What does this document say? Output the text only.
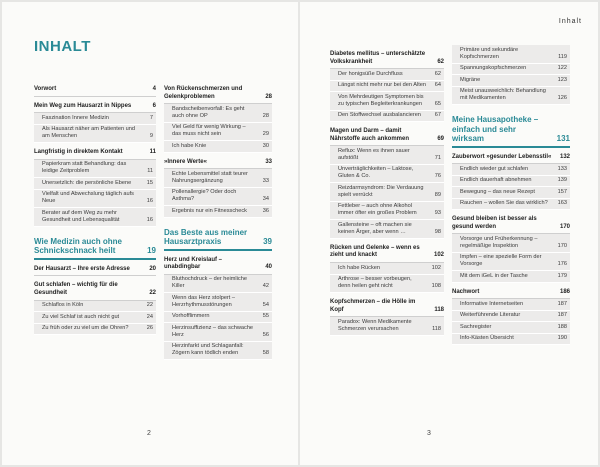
INHALT
Vorwort	4
Mein Weg zum Hausarzt in Nippes	6
Faszination Innere Medizin	7
Als Hausarzt näher am Patienten und am Menschen	9
Langfristig in direktem Kontakt	11
Papierkram statt Behandlung: das leidige Zeitproblem	11
Unersetzlich: die persönliche Ebene	15
Vielfalt und Abwechslung täglich aufs Neue	16
Berater auf dem Weg zu mehr Gesundheit und Lebensqualität	16
Wie Medizin auch ohne Schnickschnack heilt	19
Der Hausarzt – Ihre erste Adresse	20
Gut schlafen – wichtig für die Gesundheit	22
Schlaflos in Köln	22
Zu viel Schlaf ist auch nicht gut	24
Zu früh oder zu viel um die Ohren?	26
Von Rückenschmerzen und Gelenkproblemen	28
Bandscheibenvorfall: Es geht auch ohne OP	28
Viel Geld für wenig Wirkung – das muss nicht sein	29
Ich habe Knie	30
»Innere Werte«	33
Echte Lebensmittel statt teurer Nahrungsergänzung	33
Pollenallergie? Oder doch Asthma?	34
Ergebnis nur ein Fitnesscheck	36
Das Beste aus meiner Hausarztpraxis	39
Herz und Kreislauf – unabdingbar	40
Bluthochdruck – der heimliche Killer	42
Wenn das Herz stolpert – Herzrhythmusstörungen	54
Vorhofflimmern	55
Herzinsuffizienz – das schwache Herz	56
Herzinfarkt und Schlaganfall: Zögern kann tödlich enden	58
2
Inhalt
Diabetes mellitus – unterschätzte Volkskrankheit	62
Der honigsüße Durchfluss	62
Längst nicht mehr nur bei den Alten	64
Von Mehrdeutigen Symptomen bis zu typischen Begleiterkrankungen	65
Den Stoffwechsel ausbalancieren	67
Magen und Darm – damit Nährstoffe auch ankommen	69
Reflux: Wenn es ihnen sauer aufstößt	71
Unverträglichkeiten – Laktose, Gluten & Co.	76
Reizdarmsyndrom: Die Verdauung spielt verrückt	89
Fettleber – auch ohne Alkohol immer öfter ein großes Problem	93
Gallensteine – oft machen sie keinen Ärger, aber wenn …	98
Rücken und Gelenke – wenn es zieht und knackt	102
Ich habe Rücken	102
Arthrose – besser vorbeugen, denn heilen geht nicht	108
Kopfschmerzen – die Hölle im Kopf	118
Paradox: Wenn Medikamente Schmerzen verursachen	118
Primäre und sekundäre Kopfschmerzen	119
Spannungskopfschmerzen	122
Migräne	123
Meist unausweichlich: Behandlung mit Medikamenten	126
Meine Hausapotheke – einfach und sehr wirksam	131
Zauberwort »gesunder Lebensstil«	132
Endlich wieder gut schlafen	133
Endlich dauerhaft abnehmen	139
Bewegung – das neue Rezept	157
Rauchen – wollen Sie das wirklich?	163
Gesund bleiben ist besser als gesund werden	170
Vorsorge und Früherkennung – regelmäßige Inspektion	170
Impfen – eine spezielle Form der Vorsorge	176
Mit dem iGeL in der Tasche	179
Nachwort	186
Informative Internetseiten	187
Weiterführende Literatur	187
Sachregister	188
Info-Kästen Übersicht	190
3
